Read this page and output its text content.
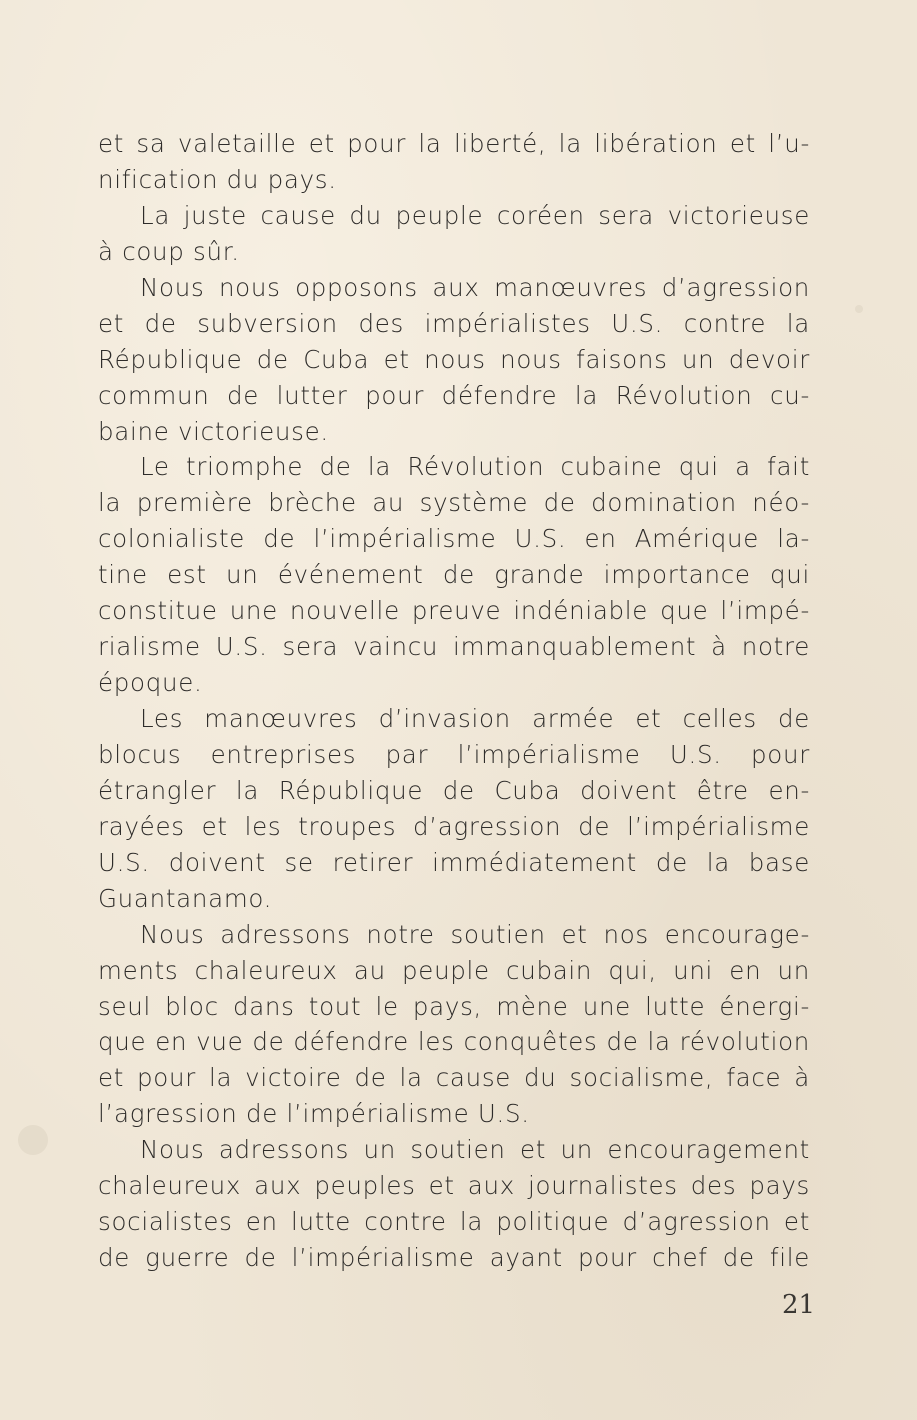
et sa valetaille et pour la liberté, la libération et l’u-
nification du pays.
La juste cause du peuple coréen sera victorieuse
à coup sûr.
Nous nous opposons aux manœuvres d’agression
et de subversion des impérialistes U.S. contre la
République de Cuba et nous nous faisons un devoir
commun de lutter pour défendre la Révolution cu-
baine victorieuse.
Le triomphe de la Révolution cubaine qui a fait
la première brèche au système de domination néo-
colonialiste de l’impérialisme U.S. en Amérique la-
tine est un événement de grande importance qui
constitue une nouvelle preuve indéniable que l’impé-
rialisme U.S. sera vaincu immanquablement à notre
époque.
Les manœuvres d’invasion armée et celles de
blocus entreprises par l’impérialisme U.S. pour
étrangler la République de Cuba doivent être en-
rayées et les troupes d’agression de l’impérialisme
U.S. doivent se retirer immédiatement de la base
Guantanamo.
Nous adressons notre soutien et nos encourage-
ments chaleureux au peuple cubain qui, uni en un
seul bloc dans tout le pays, mène une lutte énergi-
que en vue de défendre les conquêtes de la révolution
et pour la victoire de la cause du socialisme, face à
l’agression de l’impérialisme U.S.
Nous adressons un soutien et un encouragement
chaleureux aux peuples et aux journalistes des pays
socialistes en lutte contre la politique d’agression et
de guerre de l’impérialisme ayant pour chef de file
21
